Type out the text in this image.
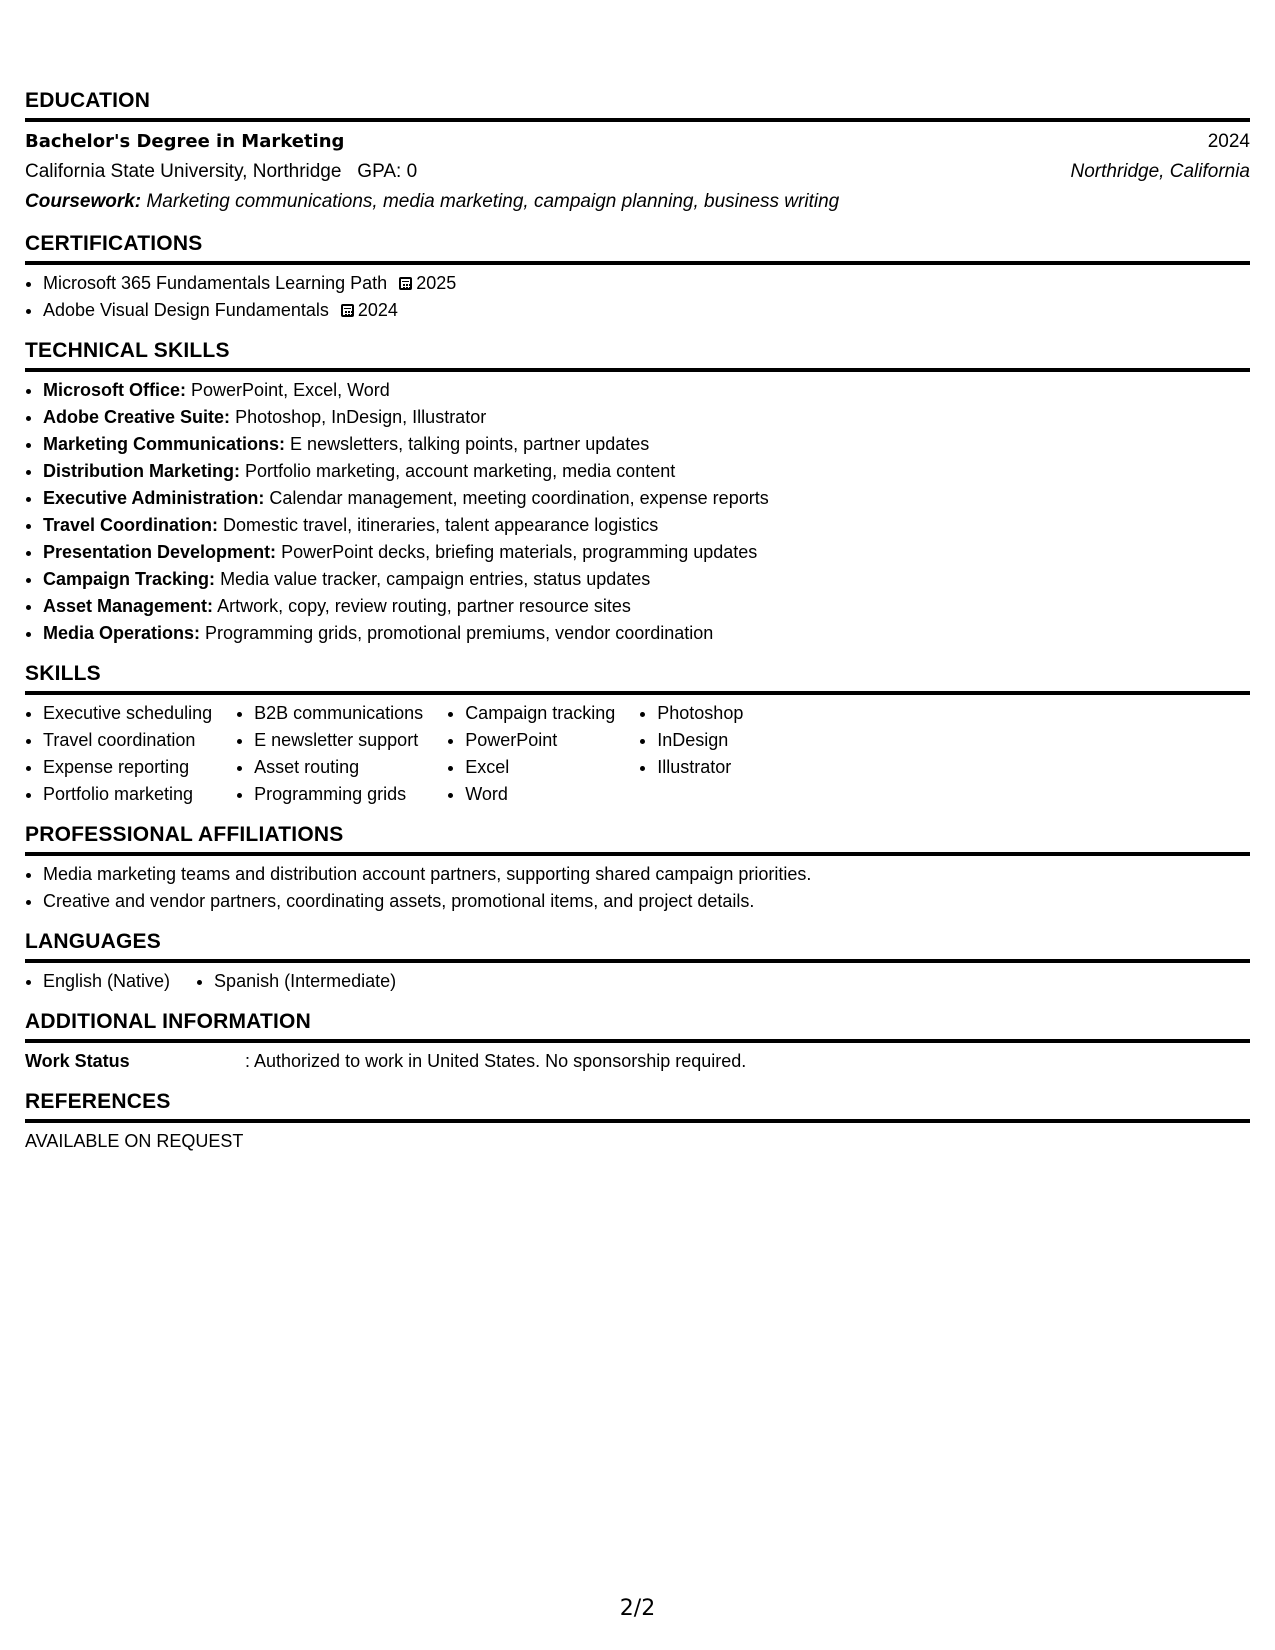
EDUCATION
Bachelor's Degree in Marketing	2024
California State University, Northridge GPA: 0	Northridge, California
Coursework: Marketing communications, media marketing, campaign planning, business writing
CERTIFICATIONS
• Microsoft 365 Fundamentals Learning Path 2025
• Adobe Visual Design Fundamentals 2024
TECHNICAL SKILLS
• Microsoft Office: PowerPoint, Excel, Word
• Adobe Creative Suite: Photoshop, InDesign, Illustrator
• Marketing Communications: E newsletters, talking points, partner updates
• Distribution Marketing: Portfolio marketing, account marketing, media content
• Executive Administration: Calendar management, meeting coordination, expense reports
• Travel Coordination: Domestic travel, itineraries, talent appearance logistics
• Presentation Development: PowerPoint decks, briefing materials, programming updates
• Campaign Tracking: Media value tracker, campaign entries, status updates
• Asset Management: Artwork, copy, review routing, partner resource sites
• Media Operations: Programming grids, promotional premiums, vendor coordination
SKILLS
• Executive scheduling
• Travel coordination
• Expense reporting
• Portfolio marketing
• B2B communications
• E newsletter support
• Asset routing
• Programming grids
• Campaign tracking
• PowerPoint
• Excel
• Word
• Photoshop
• InDesign
• Illustrator
PROFESSIONAL AFFILIATIONS
• Media marketing teams and distribution account partners, supporting shared campaign priorities.
• Creative and vendor partners, coordinating assets, promotional items, and project details.
LANGUAGES
• English (Native)
• Spanish (Intermediate)
ADDITIONAL INFORMATION
Work Status	: Authorized to work in United States. No sponsorship required.
REFERENCES
AVAILABLE ON REQUEST
2/2
